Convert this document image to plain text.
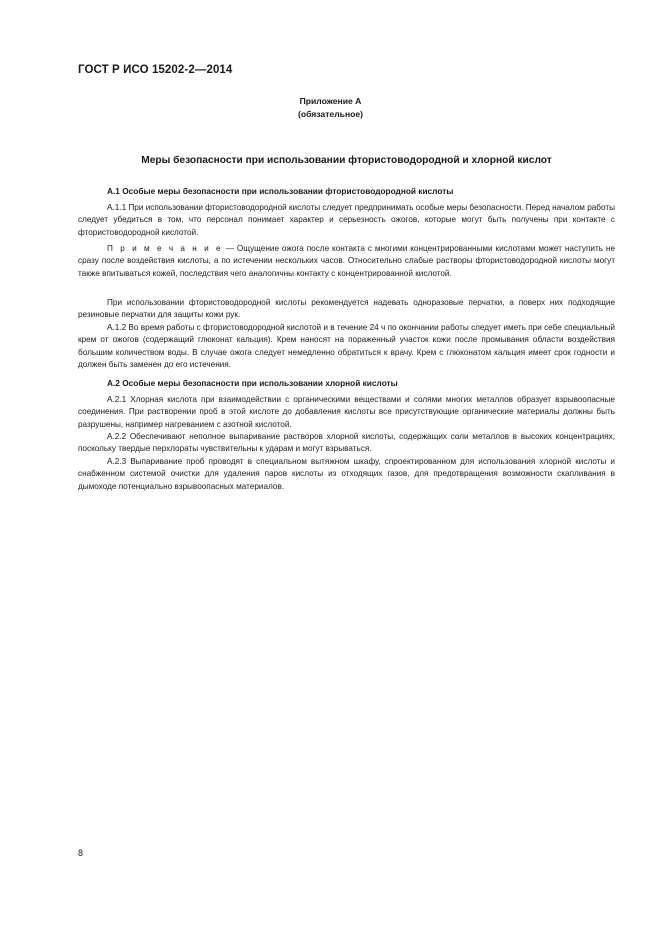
ГОСТ Р ИСО 15202-2—2014
Приложение А
(обязательное)
Меры безопасности при использовании фтористоводородной и хлорной кислот
А.1 Особые меры безопасности при использовании фтористоводородной кислоты

А.1.1 При использовании фтористоводородной кислоты следует предпринимать особые меры безопасности. Перед началом работы следует убедиться в том, что персонал понимает характер и серьезность ожогов, которые могут быть получены при контакте с фтористоводородной кислотой.

П р и м е ч а н и е — Ощущение ожога после контакта с многими концентрированными кислотами может наступить не сразу после воздействия кислоты, а по истечении нескольких часов. Относительно слабые растворы фтористоводородной кислоты могут также впитываться кожей, последствия чего аналогичны контакту с концентрированной кислотой.

При использовании фтористоводородной кислоты рекомендуется надевать одноразовые перчатки, а поверх них подходящие резиновые перчатки для защиты кожи рук.

А.1.2 Во время работы с фтористоводородной кислотой и в течение 24 ч по окончании работы следует иметь при себе специальный крем от ожогов (содержащий глюконат кальция). Крем наносят на пораженный участок кожи после промывания области воздействия большим количеством воды. В случае ожога следует немедленно обратиться к врачу. Крем с глюконатом кальция имеет срок годности и должен быть заменен до его истечения.

А.2 Особые меры безопасности при использовании хлорной кислоты

А.2.1 Хлорная кислота при взаимодействии с органическими веществами и солями многих металлов образует взрывоопасные соединения. При растворении проб в этой кислоте до добавления кислоты все присутствующие органические материалы должны быть разрушены, например нагреванием с азотной кислотой.

А.2.2 Обеспечивают неполное выпаривание растворов хлорной кислоты, содержащих соли металлов в высоких концентрациях, поскольку твердые перхлораты чувствительны к ударам и могут взрываться.

А.2.3 Выпаривание проб проводят в специальном вытяжном шкафу, спроектированном для использования хлорной кислоты и снабженном системой очистки для удаления паров кислоты из отходящих газов, для предотвращения возможности скапливания в дымоходе потенциально взрывоопасных материалов.

8
